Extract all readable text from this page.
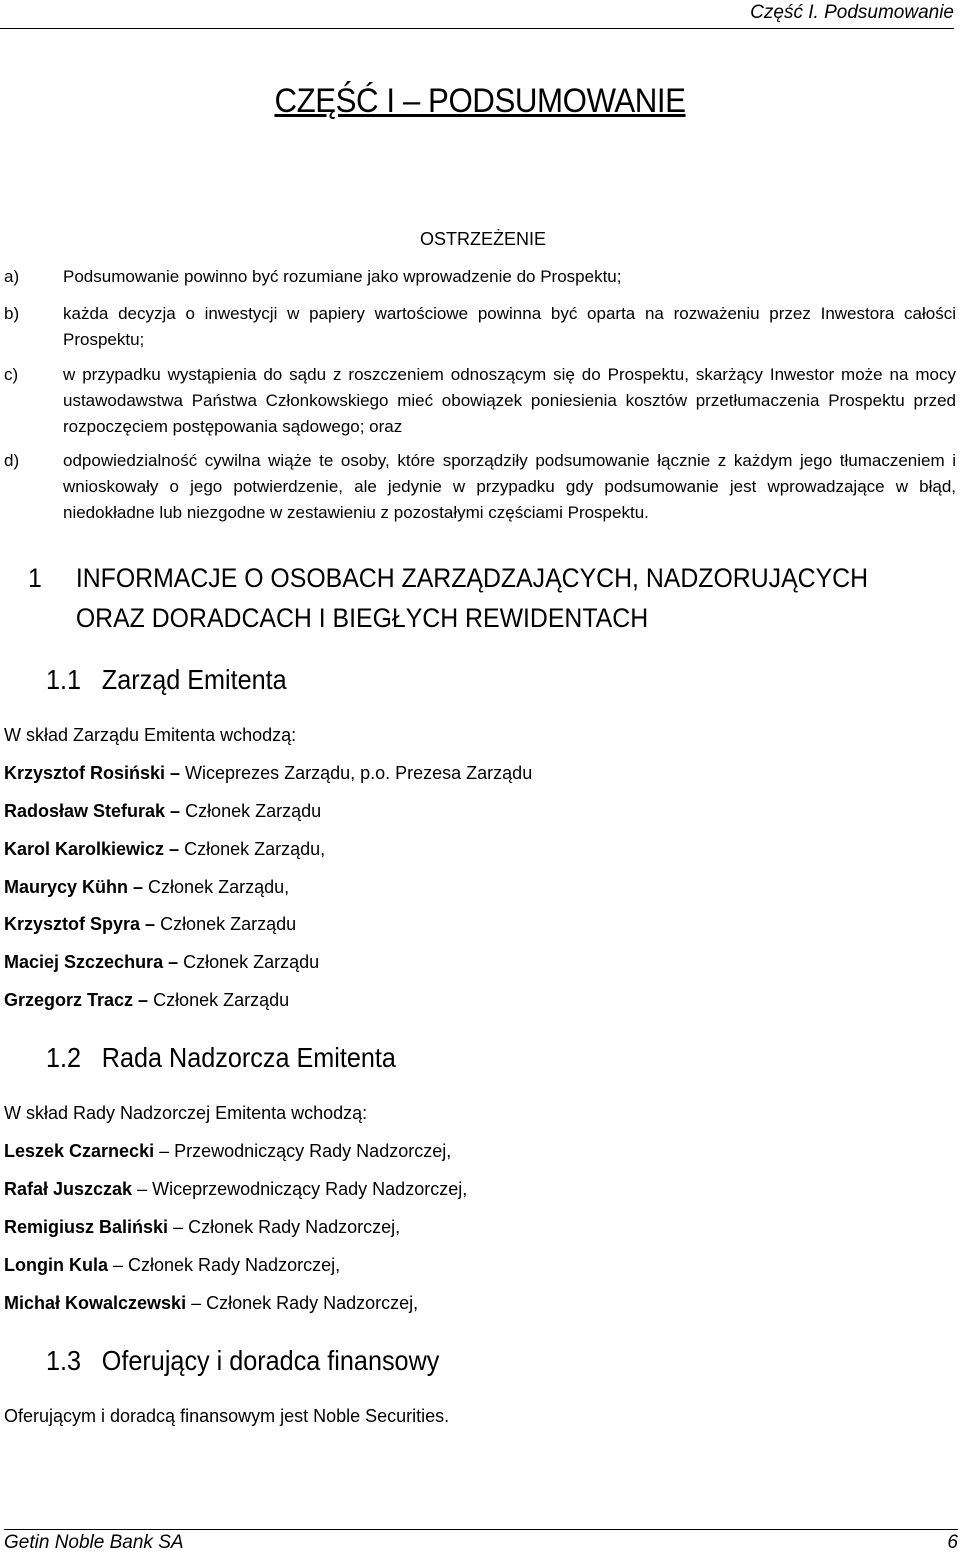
Część I. Podsumowanie
CZĘŚĆ I – PODSUMOWANIE
OSTRZEŻENIE
a)	Podsumowanie powinno być rozumiane jako wprowadzenie do Prospektu;
b)	każda decyzja o inwestycji w papiery wartościowe powinna być oparta na rozważeniu przez Inwestora całości Prospektu;
c)	w przypadku wystąpienia do sądu z roszczeniem odnoszącym się do Prospektu, skarżący Inwestor może na mocy ustawodawstwa Państwa Członkowskiego mieć obowiązek poniesienia kosztów przetłumaczenia Prospektu przed rozpoczęciem postępowania sądowego; oraz
d)	odpowiedzialność cywilna wiąże te osoby, które sporządziły podsumowanie łącznie z każdym jego tłumaczeniem i wnioskowały o jego potwierdzenie, ale jedynie w przypadku gdy podsumowanie jest wprowadzające w błąd, niedokładne lub niezgodne w zestawieniu z pozostałymi częściami Prospektu.
1 INFORMACJE O OSOBACH ZARZĄDZAJĄCYCH, NADZORUJĄCYCH ORAZ DORADCACH I BIEGŁYCH REWIDENTACH
1.1 Zarząd Emitenta
W skład Zarządu Emitenta wchodzą:
Krzysztof Rosiński – Wiceprezes Zarządu, p.o. Prezesa Zarządu
Radosław Stefurak – Członek Zarządu
Karol Karolkiewicz – Członek Zarządu,
Maurycy Kühn – Członek Zarządu,
Krzysztof Spyra – Członek Zarządu
Maciej Szczechura – Członek Zarządu
Grzegorz Tracz – Członek Zarządu
1.2 Rada Nadzorcza Emitenta
W skład Rady Nadzorczej Emitenta wchodzą:
Leszek Czarnecki – Przewodniczący Rady Nadzorczej,
Rafał Juszczak – Wiceprzewodniczący Rady Nadzorczej,
Remigiusz Baliński – Członek Rady Nadzorczej,
Longin Kula – Członek Rady Nadzorczej,
Michał Kowalczewski – Członek Rady Nadzorczej,
1.3 Oferujący i doradca finansowy
Oferującym i doradcą finansowym jest Noble Securities.
Getin Noble Bank SA	6
